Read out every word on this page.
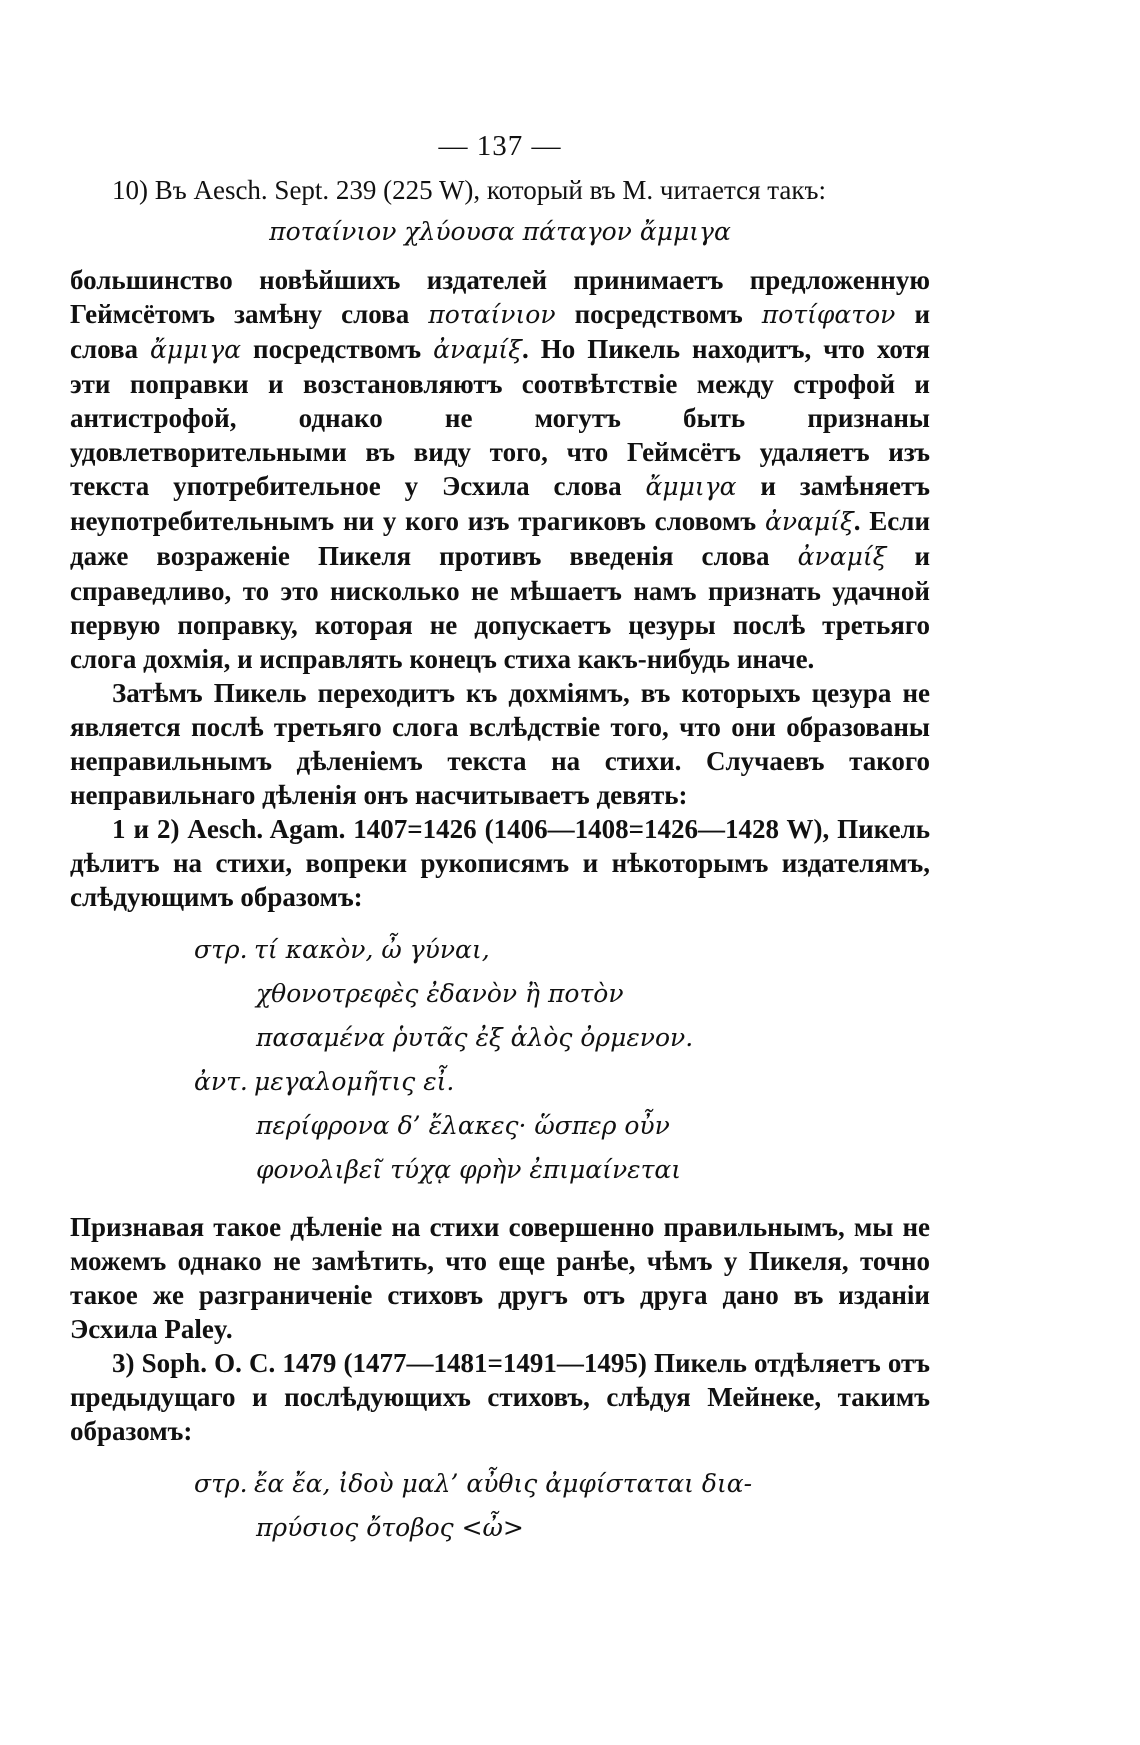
— 137 —

10) Въ Aesch. Sept. 239 (225 W), который въ М. читается такъ:

ποταίνιον χλύουσα πάταγον ἄμμιγα

большинство новѣйшихъ издателей принимаетъ предложенную Геймсётомъ замѣну слова ποταίνιον посредствомъ ποτίφατον и слова ἄμμιγα посредствомъ ἀναμίξ. Но Пикель находитъ, что хотя эти поправки и возстановляютъ соотвѣтствіе между строфой и антистрофой, однако не могутъ быть признаны удовлетворительными въ виду того, что Геймсётъ удаляетъ изъ текста употребительное у Эсхила слова ἄμμιγα и замѣняетъ неупотребительнымъ ни у кого изъ трагиковъ словомъ ἀναμίξ. Если даже возраженіе Пикеля противъ введенія слова ἀναμίξ и справедливо, то это нисколько не мѣшаетъ намъ признать удачной первую поправку, которая не допускаетъ цезуры послѣ третьяго слога дохмія, и исправлять конецъ стиха какъ-нибудь иначе.

Затѣмъ Пикель переходитъ къ дохміямъ, въ которыхъ цезура не является послѣ третьяго слога вслѣдствіе того, что они образованы неправильнымъ дѣленіемъ текста на стихи. Случаевъ такого неправильнаго дѣленія онъ насчитываетъ девять:

1 и 2) Aesch. Agam. 1407=1426 (1406—1408=1426—1428 W), Пикель дѣлитъ на стихи, вопреки рукописямъ и нѣкоторымъ издателямъ, слѣдующимъ образомъ:

στρ. τί κακὸν, ὦ γύναι,
χθονοτρεφὲς ἐδανὸν ἢ ποτὸν
πασαμένα ῥυτᾶς ἐξ ἁλὸς ὀρμενον.
ἀντ. μεγαλομῆτις εἶ.
περίφρονα δ’ ἔλακες· ὥσπερ οὖν
φονολιβεῖ τύχᾳ φρὴν ἐπιμαίνεται

Признавая такое дѣленіе на стихи совершенно правильнымъ, мы не можемъ однако не замѣтить, что еще ранѣе, чѣмъ у Пикеля, точно такое же разграниченіе стиховъ другъ отъ друга дано въ изданіи Эсхила Paley.

3) Soph. O. C. 1479 (1477—1481=1491—1495) Пикель отдѣляетъ отъ предыдущаго и послѣдующихъ стиховъ, слѣдуя Мейнеке, такимъ образомъ:

στρ. ἔα ἔα, ἰδοὺ μαλ’ αὖθις ἀμφίσταται δια-
πρύσιος ὄτοβος <ὦ>
